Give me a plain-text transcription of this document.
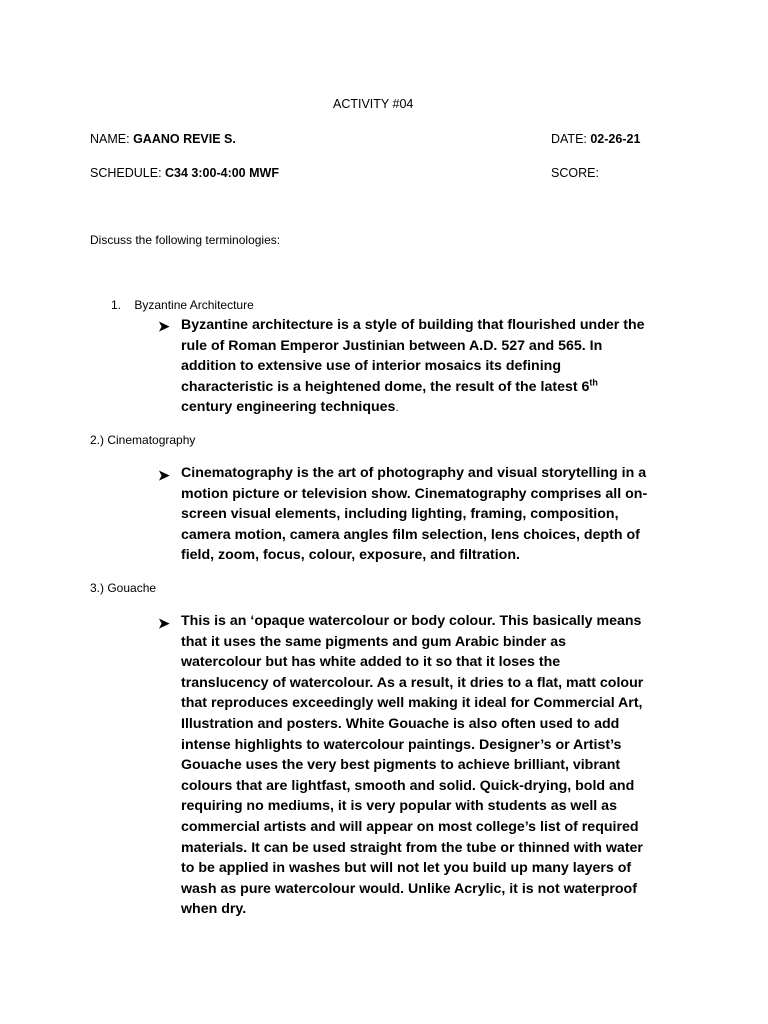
ACTIVITY #04
NAME: GAANO REVIE S.	DATE: 02-26-21
SCHEDULE: C34 3:00-4:00 MWF	SCORE:
Discuss the following terminologies:
1. Byzantine Architecture
➤ Byzantine architecture is a style of building that flourished under the
rule of Roman Emperor Justinian between A.D. 527 and 565. In
addition to extensive use of interior mosaics its defining
characteristic is a heightened dome, the result of the latest 6th
century engineering techniques.
2.) Cinematography
➤ Cinematography is the art of photography and visual storytelling in a
motion picture or television show. Cinematography comprises all on-
screen visual elements, including lighting, framing, composition,
camera motion, camera angles film selection, lens choices, depth of
field, zoom, focus, colour, exposure, and filtration.
3.) Gouache
➤ This is an ‘opaque watercolour or body colour. This basically means
that it uses the same pigments and gum Arabic binder as
watercolour but has white added to it so that it loses the
translucency of watercolour. As a result, it dries to a flat, matt colour
that reproduces exceedingly well making it ideal for Commercial Art,
Illustration and posters. White Gouache is also often used to add
intense highlights to watercolour paintings. Designer’s or Artist’s
Gouache uses the very best pigments to achieve brilliant, vibrant
colours that are lightfast, smooth and solid. Quick-drying, bold and
requiring no mediums, it is very popular with students as well as
commercial artists and will appear on most college’s list of required
materials. It can be used straight from the tube or thinned with water
to be applied in washes but will not let you build up many layers of
wash as pure watercolour would. Unlike Acrylic, it is not waterproof
when dry.
